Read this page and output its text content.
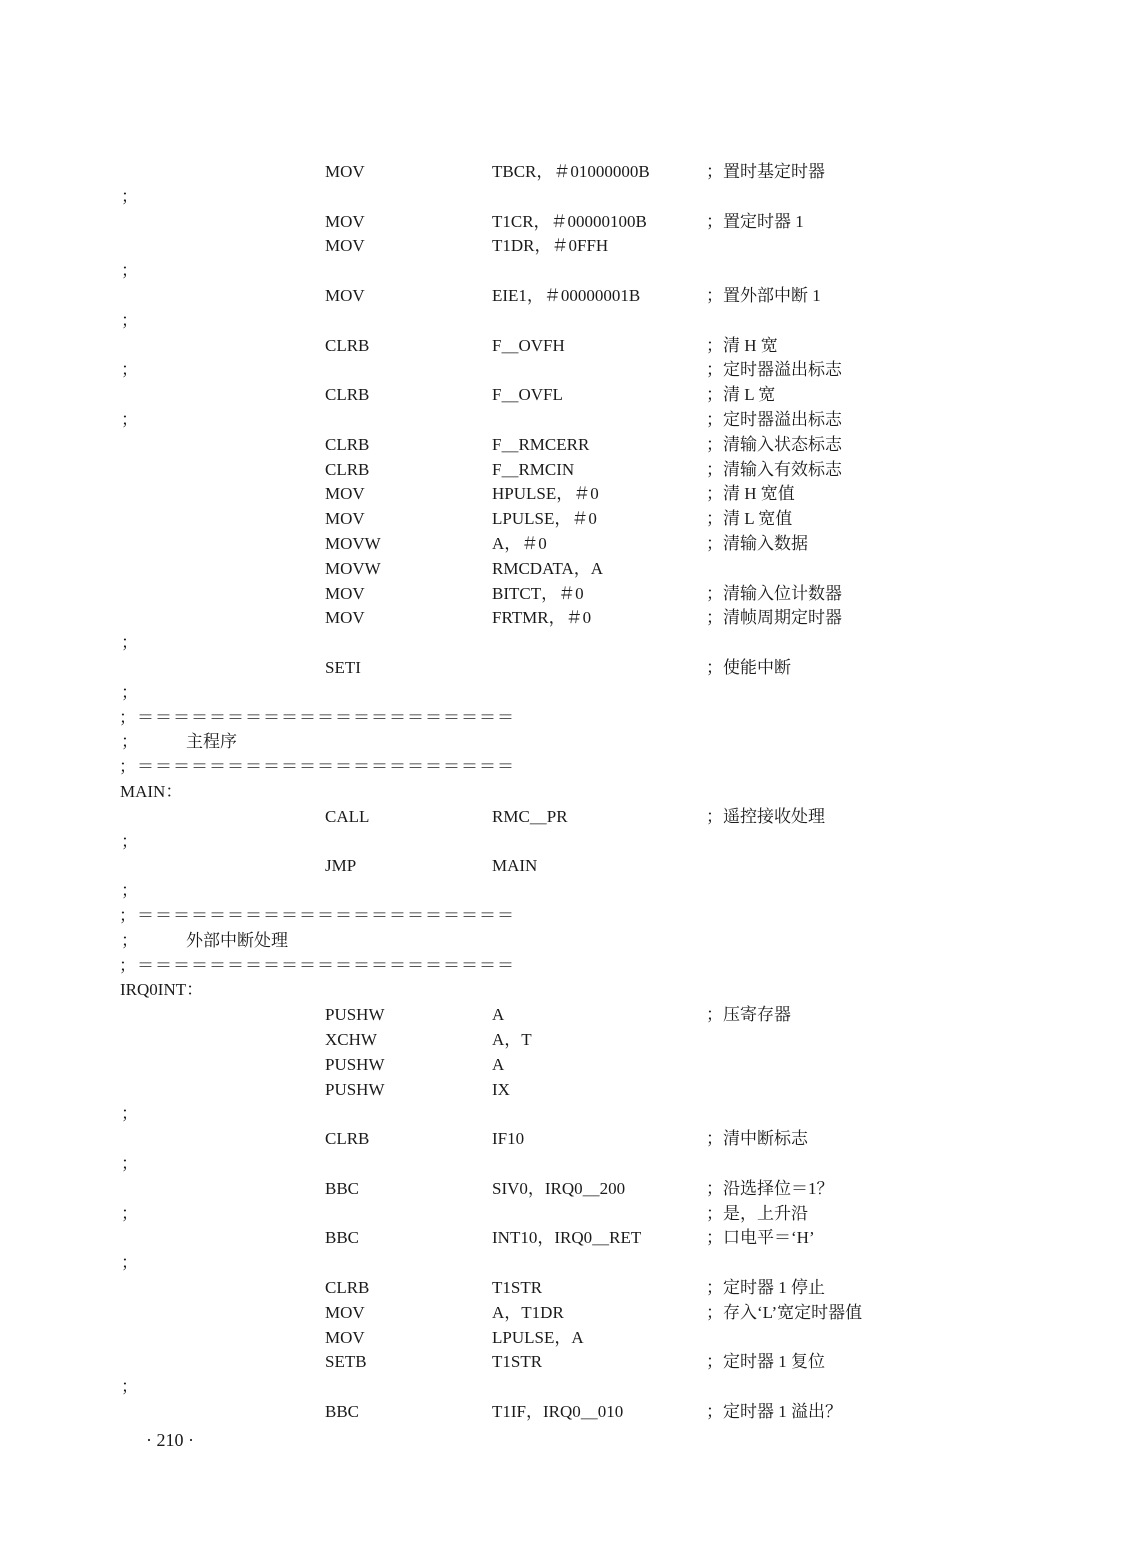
MOV	TBCR，＃01000000B	；置时基定时器
；
MOV	T1CR，＃00000100B	；置定时器 1
MOV	T1DR，＃0FFH
；
MOV	EIE1，＃00000001B	；置外部中断 1
；
CLRB	F＿OVFH	；清 H 宽
；	；定时器溢出标志
CLRB	F＿OVFL	；清 L 宽
；	；定时器溢出标志
CLRB	F＿RMCERR	；清输入状态标志
CLRB	F＿RMCIN	；清输入有效标志
MOV	HPULSE，＃0	；清 H 宽值
MOV	LPULSE，＃0	；清 L 宽值
MOVW	A，＃0	；清输入数据
MOVW	RMCDATA，A
MOV	BITCT，＃0	；清输入位计数器
MOV	FRTMR，＃0	；清帧周期定时器
；
SETI	；使能中断
；
；＝＝＝＝＝＝＝＝＝＝＝＝＝＝＝＝＝＝＝＝＝
；	主程序
；＝＝＝＝＝＝＝＝＝＝＝＝＝＝＝＝＝＝＝＝＝
MAIN：
CALL	RMC＿PR	；遥控接收处理
；
JMP	MAIN
；
；＝＝＝＝＝＝＝＝＝＝＝＝＝＝＝＝＝＝＝＝＝
；	外部中断处理
；＝＝＝＝＝＝＝＝＝＝＝＝＝＝＝＝＝＝＝＝＝
IRQ0INT：
PUSHW	A	；压寄存器
XCHW	A，T
PUSHW	A
PUSHW	IX
；
CLRB	IF10	；清中断标志
；
BBC	SIV0，IRQ0＿200	；沿选择位＝1？
；	；是，上升沿
BBC	INT10，IRQ0＿RET	；口电平＝‘H’
；
CLRB	T1STR	；定时器 1 停止
MOV	A，T1DR	；存入‘L’宽定时器值
MOV	LPULSE，A
SETB	T1STR	；定时器 1 复位
；
BBC	T1IF，IRQ0＿010	；定时器 1 溢出？
· 210 ·
